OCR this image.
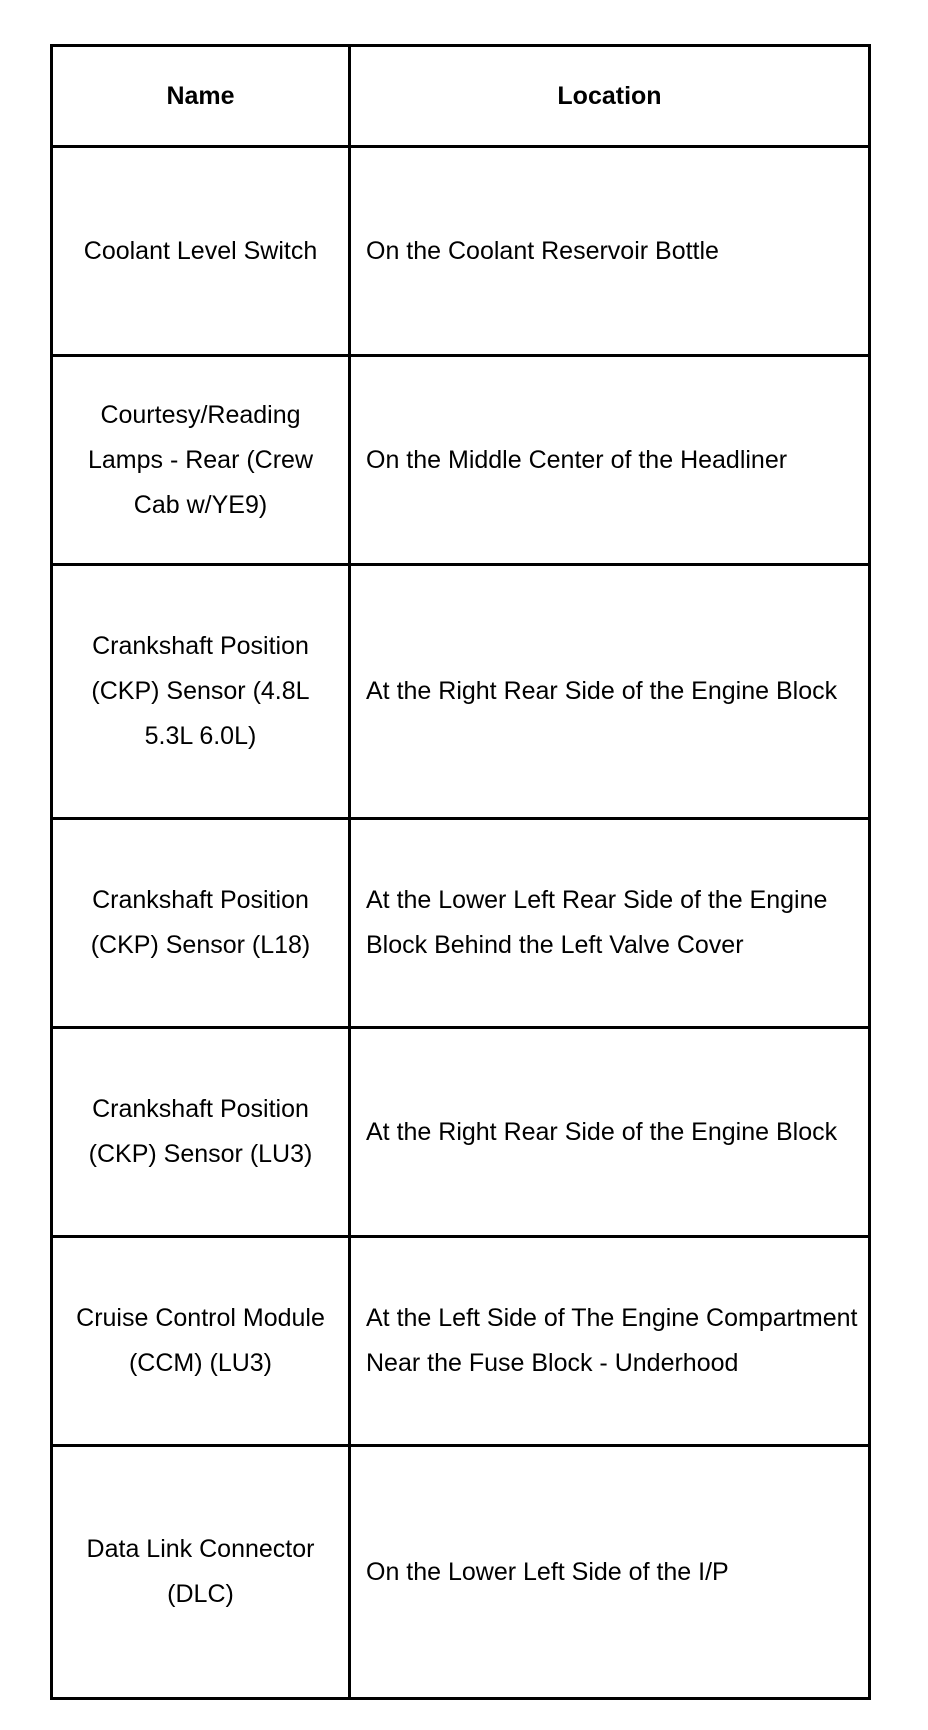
Name	Location
Coolant Level Switch	On the Coolant Reservoir Bottle
Courtesy/Reading Lamps - Rear (Crew Cab w/YE9)	On the Middle Center of the Headliner
Crankshaft Position (CKP) Sensor (4.8L 5.3L 6.0L)	At the Right Rear Side of the Engine Block
Crankshaft Position (CKP) Sensor (L18)	At the Lower Left Rear Side of the Engine Block Behind the Left Valve Cover
Crankshaft Position (CKP) Sensor (LU3)	At the Right Rear Side of the Engine Block
Cruise Control Module (CCM) (LU3)	At the Left Side of The Engine Compartment Near the Fuse Block - Underhood
Data Link Connector (DLC)	On the Lower Left Side of the I/P
